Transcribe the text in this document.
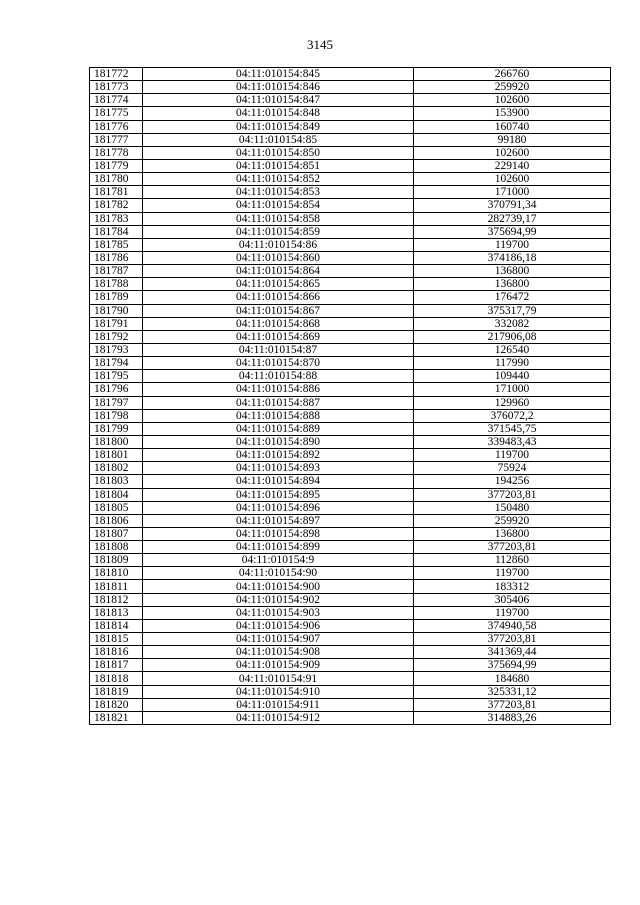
3145
181772	04:11:010154:845	266760
181773	04:11:010154:846	259920
181774	04:11:010154:847	102600
181775	04:11:010154:848	153900
181776	04:11:010154:849	160740
181777	04:11:010154:85	99180
181778	04:11:010154:850	102600
181779	04:11:010154:851	229140
181780	04:11:010154:852	102600
181781	04:11:010154:853	171000
181782	04:11:010154:854	370791,34
181783	04:11:010154:858	282739,17
181784	04:11:010154:859	375694,99
181785	04:11:010154:86	119700
181786	04:11:010154:860	374186,18
181787	04:11:010154:864	136800
181788	04:11:010154:865	136800
181789	04:11:010154:866	176472
181790	04:11:010154:867	375317,79
181791	04:11:010154:868	332082
181792	04:11:010154:869	217906,08
181793	04:11:010154:87	126540
181794	04:11:010154:870	117990
181795	04:11:010154:88	109440
181796	04:11:010154:886	171000
181797	04:11:010154:887	129960
181798	04:11:010154:888	376072,2
181799	04:11:010154:889	371545,75
181800	04:11:010154:890	339483,43
181801	04:11:010154:892	119700
181802	04:11:010154:893	75924
181803	04:11:010154:894	194256
181804	04:11:010154:895	377203,81
181805	04:11:010154:896	150480
181806	04:11:010154:897	259920
181807	04:11:010154:898	136800
181808	04:11:010154:899	377203,81
181809	04:11:010154:9	112860
181810	04:11:010154:90	119700
181811	04:11:010154:900	183312
181812	04:11:010154:902	305406
181813	04:11:010154:903	119700
181814	04:11:010154:906	374940,58
181815	04:11:010154:907	377203,81
181816	04:11:010154:908	341369,44
181817	04:11:010154:909	375694,99
181818	04:11:010154:91	184680
181819	04:11:010154:910	325331,12
181820	04:11:010154:911	377203,81
181821	04:11:010154:912	314883,26
